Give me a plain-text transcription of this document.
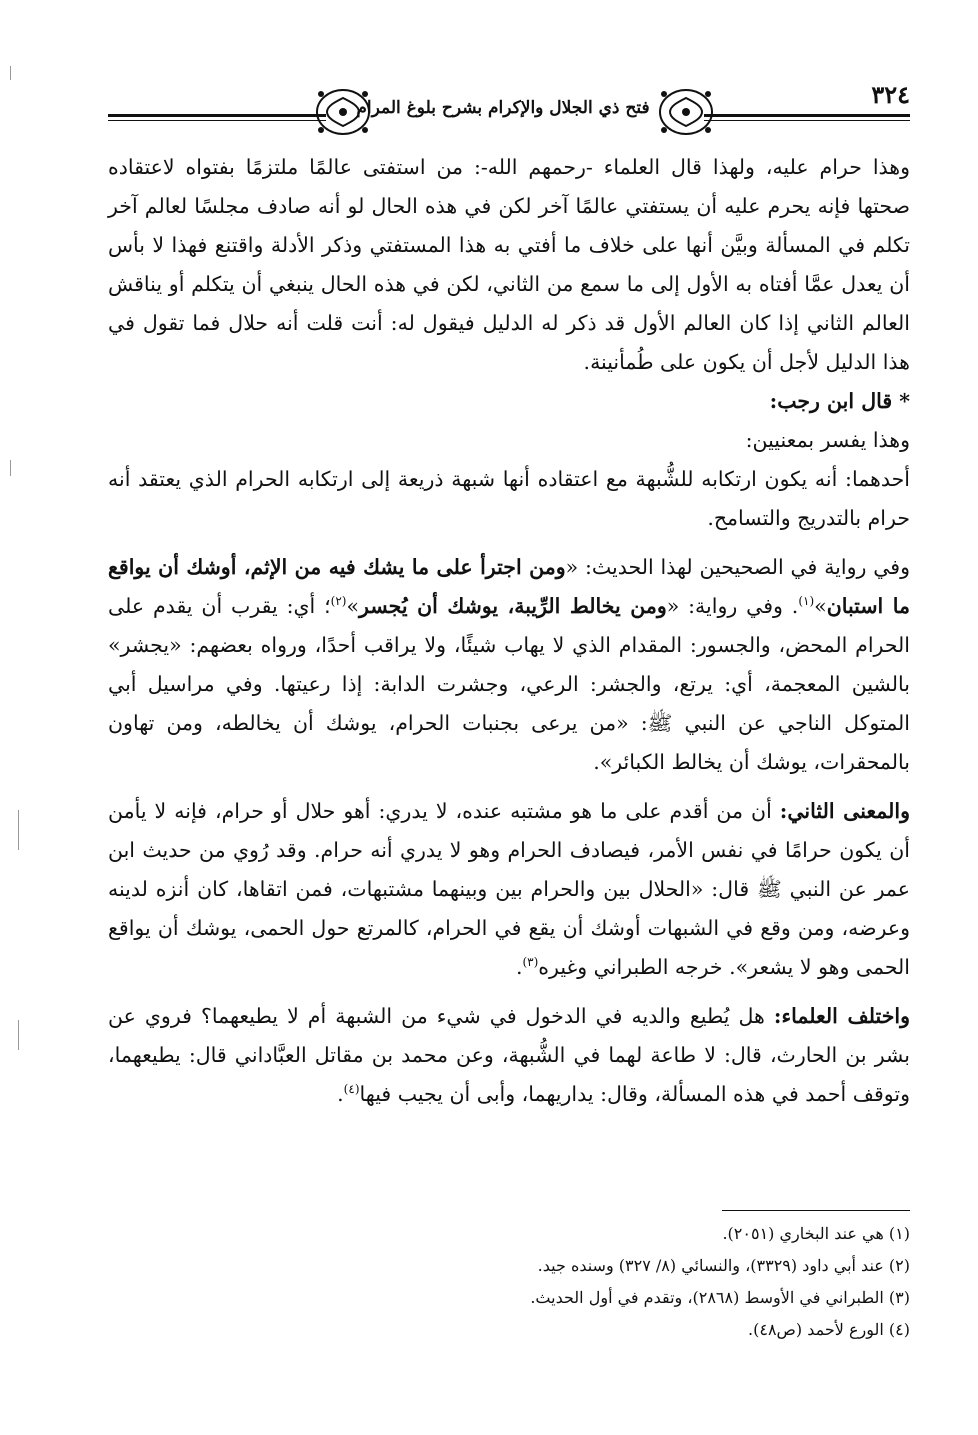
فتح ذي الجلال والإكرام بشرح بلوغ المرام	٣٢٤

وهذا حرام عليه، ولهذا قال العلماء -رحمهم الله-: من استفتى عالمًا ملتزمًا بفتواه لاعتقاده صحتها فإنه يحرم عليه أن يستفتي عالمًا آخر لكن في هذه الحال لو أنه صادف مجلسًا لعالم آخر تكلم في المسألة وبيَّن أنها على خلاف ما أفتي به هذا المستفتي وذكر الأدلة واقتنع فهذا لا بأس أن يعدل عمَّا أفتاه به الأول إلى ما سمع من الثاني، لكن في هذه الحال ينبغي أن يتكلم أو يناقش العالم الثاني إذا كان العالم الأول قد ذكر له الدليل فيقول له: أنت قلت أنه حلال فما تقول في هذا الدليل لأجل أن يكون على طُمأنينة.

* قال ابن رجب:

وهذا يفسر بمعنيين:

أحدهما: أنه يكون ارتكابه للشُّبهة مع اعتقاده أنها شبهة ذريعة إلى ارتكابه الحرام الذي يعتقد أنه حرام بالتدريج والتسامح.

وفي رواية في الصحيحين لهذا الحديث: «ومن اجترأ على ما يشك فيه من الإثم، أوشك أن يواقع ما استبان»$^{(١)}$. وفي رواية: «ومن يخالط الرِّيبة، يوشك أن يُجسر»$^{(٢)}$؛ أي: يقرب أن يقدم على الحرام المحض، والجسور: المقدام الذي لا يهاب شيئًا، ولا يراقب أحدًا، ورواه بعضهم: «يجشر» بالشين المعجمة، أي: يرتع، والجشر: الرعي، وجشرت الدابة: إذا رعيتها. وفي مراسيل أبي المتوكل الناجي عن النبي ﷺ: «من يرعى بجنبات الحرام، يوشك أن يخالطه، ومن تهاون بالمحقرات، يوشك أن يخالط الكبائر».

والمعنى الثاني: أن من أقدم على ما هو مشتبه عنده، لا يدري: أهو حلال أو حرام، فإنه لا يأمن أن يكون حرامًا في نفس الأمر، فيصادف الحرام وهو لا يدري أنه حرام. وقد رُوي من حديث ابن عمر عن النبي ﷺ قال: «الحلال بين والحرام بين وبينهما مشتبهات، فمن اتقاها، كان أنزه لدينه وعرضه، ومن وقع في الشبهات أوشك أن يقع في الحرام، كالمرتع حول الحمى، يوشك أن يواقع الحمى وهو لا يشعر». خرجه الطبراني وغيره$^{(٣)}$.

واختلف العلماء: هل يُطيع والديه في الدخول في شيء من الشبهة أم لا يطيعهما؟ فروي عن بشر بن الحارث، قال: لا طاعة لهما في الشُّبهة، وعن محمد بن مقاتل العبَّاداني قال: يطيعهما، وتوقف أحمد في هذه المسألة، وقال: يداريهما، وأبى أن يجيب فيها$^{(٤)}$.

(١) هي عند البخاري (٢٠٥١).

(٢) عند أبي داود (٣٣٢٩)، والنسائي (٨/ ٣٢٧) وسنده جيد.

(٣) الطبراني في الأوسط (٢٨٦٨)، وتقدم في أول الحديث.

(٤) الورع لأحمد (ص٤٨).
